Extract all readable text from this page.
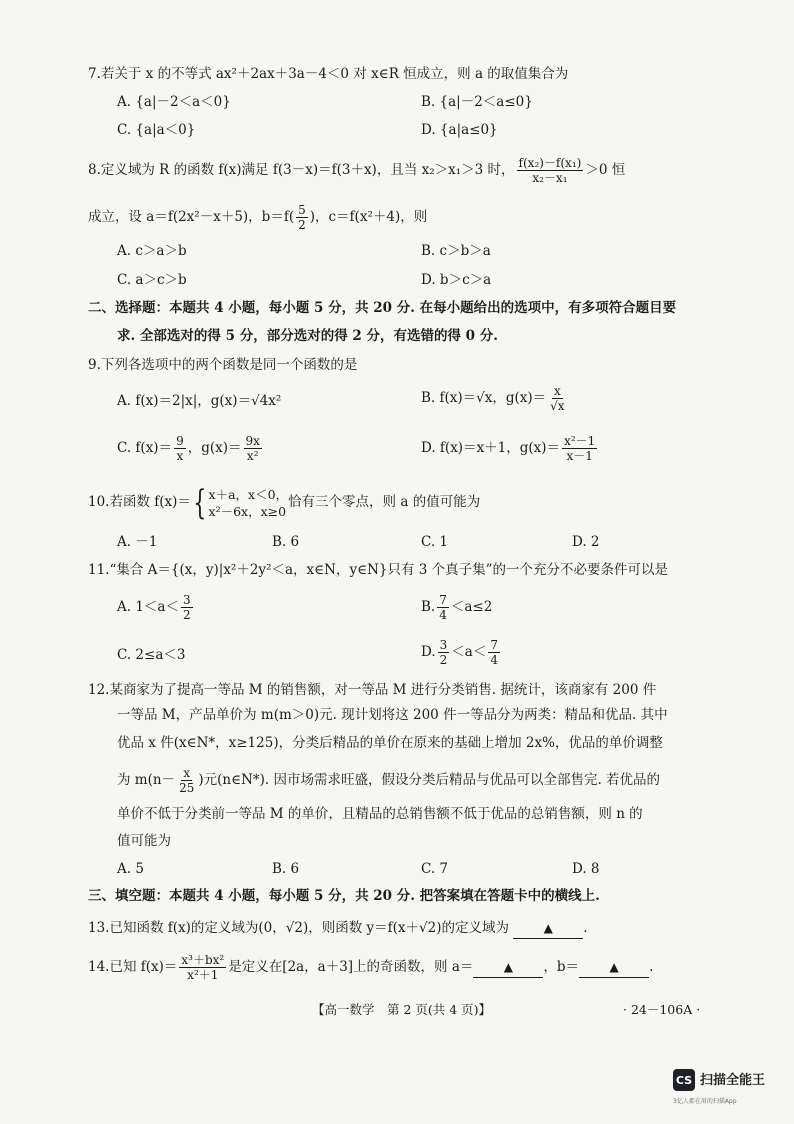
7.若关于 x 的不等式 ax²＋2ax＋3a－4＜0 对 x∈R 恒成立，则 a 的取值集合为
A. {a|－2＜a＜0}	B. {a|－2＜a≤0}
C. {a|a＜0}	D. {a|a≤0}
8.定义域为 R 的函数 f(x)满足 f(3－x)＝f(3＋x)，且当 x₂＞x₁＞3 时， $\frac{\text{f(x₂)－f(x₁)}}{\text{x₂－x₁}} >0$ 恒
成立，设 a＝f(2x²－x＋5)，$b=f( \frac{5}{2}$ )，c＝f(x²＋4)，则
A. c＞a＞b	B. c＞b＞a
C. a＞c＞b	D. b＞c＞a
二、选择题：本题共 4 小题，每小题 5 分，共 20 分. 在每小题给出的选项中，有多项符合题目要
求. 全部选对的得 5 分，部分选对的得 2 分，有选错的得 0 分.
9.下列各选项中的两个函数是同一个函数的是
A. f(x)＝2|x|，g(x)＝√4x²	B. f(x)＝√x，$g(x)= \frac{x}{√x}$
C. $f(x)= \frac{9}{x}$ ，$g(x)= \frac{9x}{\text{x²}}$	D. f(x)＝x＋1，$g(x)= \frac{\text{x²－1}}{x-1}$
10.若函数 f(x)＝{ x＋a，x＜0，
x²－6x，x≥0
恰有三个零点，则 a 的值可能为
A. －1	B. 6	C. 1	D. 2
11.“集合 A＝{(x，y)|x²＋2y²＜a，x∈N，y∈N}只有 3 个真子集”的一个充分不必要条件可以是
A. $1<a< \frac{3}{2}$	B. $\frac{7}{4} <a\le 2$
C. 2≤a＜3	D. $\frac{3}{2} <a< \frac{7}{4}$
12.某商家为了提高一等品 M 的销售额，对一等品 M 进行分类销售. 据统计，该商家有 200 件
一等品 M，产品单价为 m(m＞0)元. 现计划将这 200 件一等品分为两类：精品和优品. 其中
优品 x 件(x∈N*，x≥125)，分类后精品的单价在原来的基础上增加 2x%，优品的单价调整
为 $m(n- \frac{x}{25}$ )元(n∈N*). 因市场需求旺盛，假设分类后精品与优品可以全部售完. 若优品的
单价不低于分类前一等品 M 的单价，且精品的总销售额不低于优品的总销售额，则 n 的
值可能为
A. 5	B. 6	C. 7	D. 8
三、填空题：本题共 4 小题，每小题 5 分，共 20 分. 把答案填在答题卡中的横线上.
13.已知函数 f(x)的定义域为(0，√2)，则函数 y＝f(x＋√2)的定义域为	▲ .
14.已知 $f(x)= \frac{\text{x³＋bx²}}{\text{x²＋1}}$ 是定义在[2a，a＋3]上的奇函数，则 a＝	▲ ，b＝	▲ .
【高一数学　第 2 页(共 4 页)】	· 24－106A ·
CS 扫描全能王
3亿人都在用的扫描App
